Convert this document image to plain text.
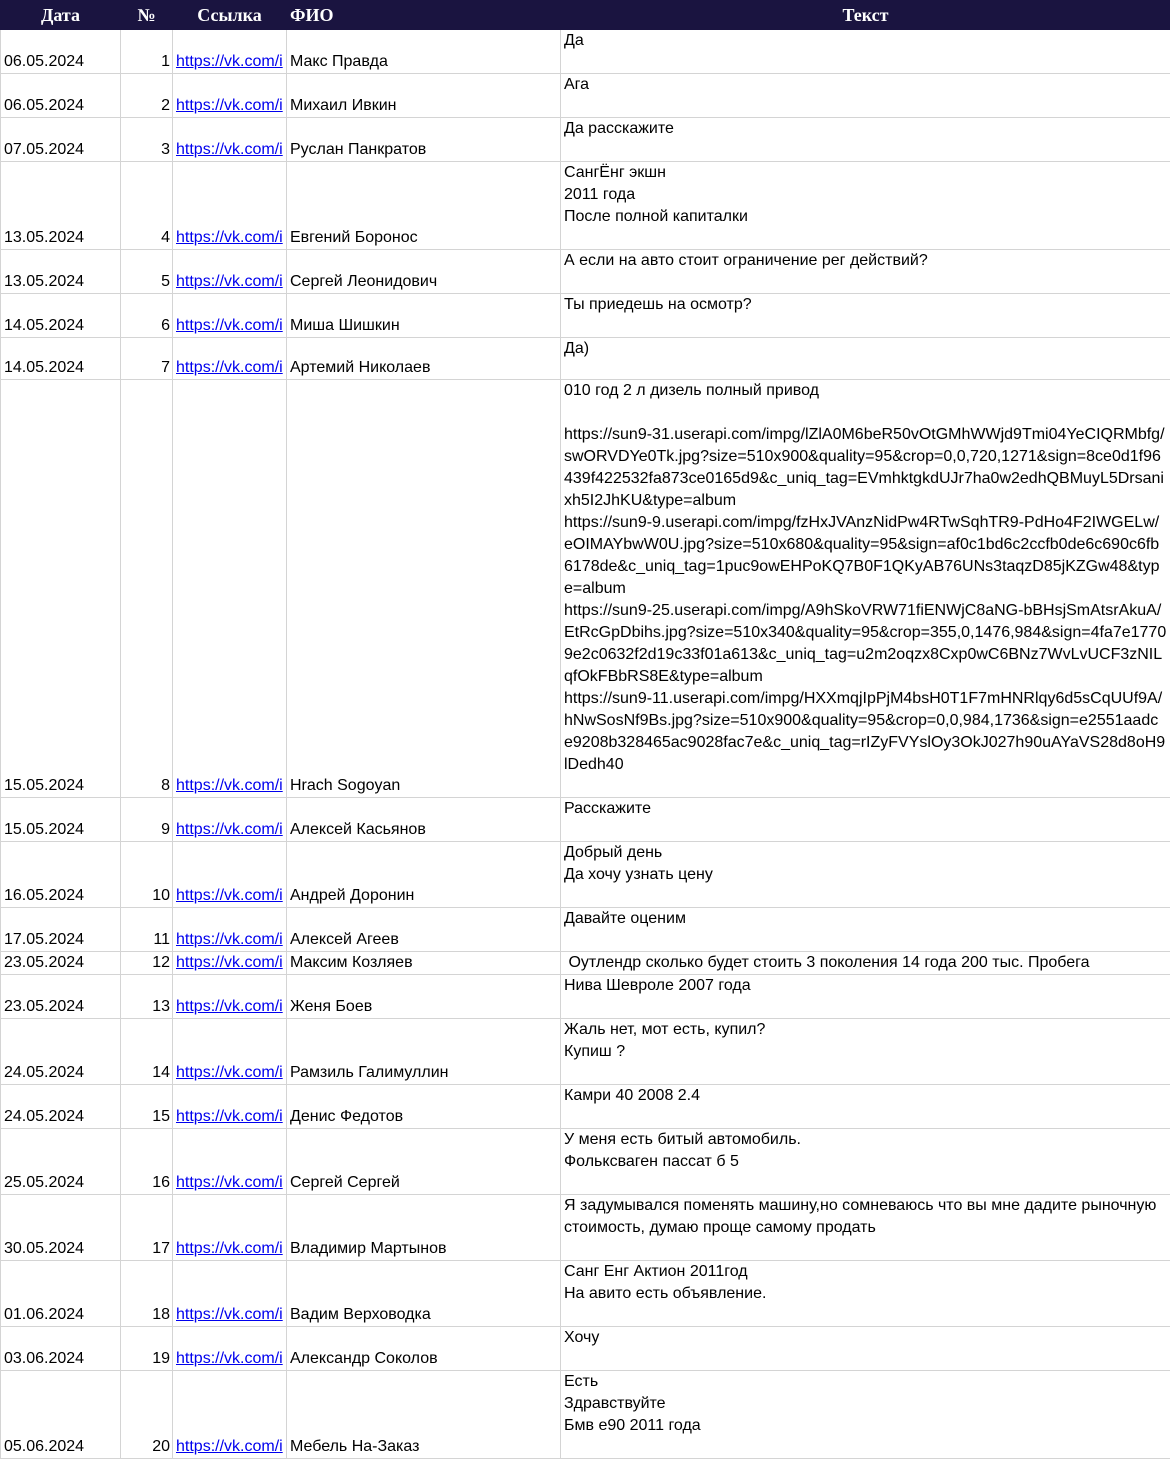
Дата	№	Ссылка	ФИО	Текст
06.05.2024	1	https://vk.com/i	Макс Правда	Да
06.05.2024	2	https://vk.com/i	Михаил Ивкин	Ага
07.05.2024	3	https://vk.com/i	Руслан Панкратов	Да расскажите
13.05.2024	4	https://vk.com/i	Евгений Боронос	СангЁнг экшн
2011 года
После полной капиталки
13.05.2024	5	https://vk.com/i	Сергей Леонидович	А если на авто стоит ограничение рег действий?
14.05.2024	6	https://vk.com/i	Миша Шишкин	Ты приедешь на осмотр?
14.05.2024	7	https://vk.com/i	Артемий Николаев	Да)
15.05.2024	8	https://vk.com/i	Hrach Sogoyan	010 год 2 л дизель полный привод

https://sun9-31.userapi.com/impg/lZlA0M6beR50vOtGMhWWjd9Tmi04YeCIQRMbfg/swORVDYe0Tk.jpg?size=510x900&quality=95&crop=0,0,720,1271&sign=8ce0d1f96439f422532fa873ce0165d9&c_uniq_tag=EVmhktgkdUJr7ha0w2edhQBMuyL5Drsanixh5I2JhKU&type=album
https://sun9-9.userapi.com/impg/fzHxJVAnzNidPw4RTwSqhTR9-PdHo4F2IWGELw/eOIMAYbwW0U.jpg?size=510x680&quality=95&sign=af0c1bd6c2ccfb0de6c690c6fb6178de&c_uniq_tag=1puc9owEHPoKQ7B0F1QKyAB76UNs3taqzD85jKZGw48&type=album
https://sun9-25.userapi.com/impg/A9hSkoVRW71fiENWjC8aNG-bBHsjSmAtsrAkuA/EtRcGpDbihs.jpg?size=510x340&quality=95&crop=355,0,1476,984&sign=4fa7e17709e2c0632f2d19c33f01a613&c_uniq_tag=u2m2oqzx8Cxp0wC6BNz7WvLvUCF3zNILqfOkFBbRS8E&type=album
https://sun9-11.userapi.com/impg/HXXmqjIpPjM4bsH0T1F7mHNRlqy6d5sCqUUf9A/hNwSosNf9Bs.jpg?size=510x900&quality=95&crop=0,0,984,1736&sign=e2551aadce9208b328465ac9028fac7e&c_uniq_tag=rIZyFVYslOy3OkJ027h90uAYaVS28d8oH9lDedh40
15.05.2024	9	https://vk.com/i	Алексей Касьянов	Расскажите
16.05.2024	10	https://vk.com/i	Андрей Доронин	Добрый день
Да хочу узнать цену
17.05.2024	11	https://vk.com/i	Алексей Агеев	Давайте оценим
23.05.2024	12	https://vk.com/i	Максим Козляев	Оутлендр сколько будет стоить 3 поколения 14 года 200 тыс. Пробега
23.05.2024	13	https://vk.com/i	Женя Боев	Нива Шевроле 2007 года
24.05.2024	14	https://vk.com/i	Рамзиль Галимуллин	Жаль нет, мот есть, купил?
Купиш ?
24.05.2024	15	https://vk.com/i	Денис Федотов	Камри 40 2008 2.4
25.05.2024	16	https://vk.com/i	Сергей Сергей	У меня есть битый автомобиль.
Фольксваген пассат б 5
30.05.2024	17	https://vk.com/i	Владимир Мартынов	Я задумывался поменять машину,но сомневаюсь что вы мне дадите рыночную стоимость, думаю проще самому продать
01.06.2024	18	https://vk.com/i	Вадим Верховодка	Санг Енг Актион 2011год
На авито есть объявление.
03.06.2024	19	https://vk.com/i	Александр Соколов	Хочу
05.06.2024	20	https://vk.com/i	Мебель На-Заказ	Есть
Здравствуйте
Бмв е90 2011 года
